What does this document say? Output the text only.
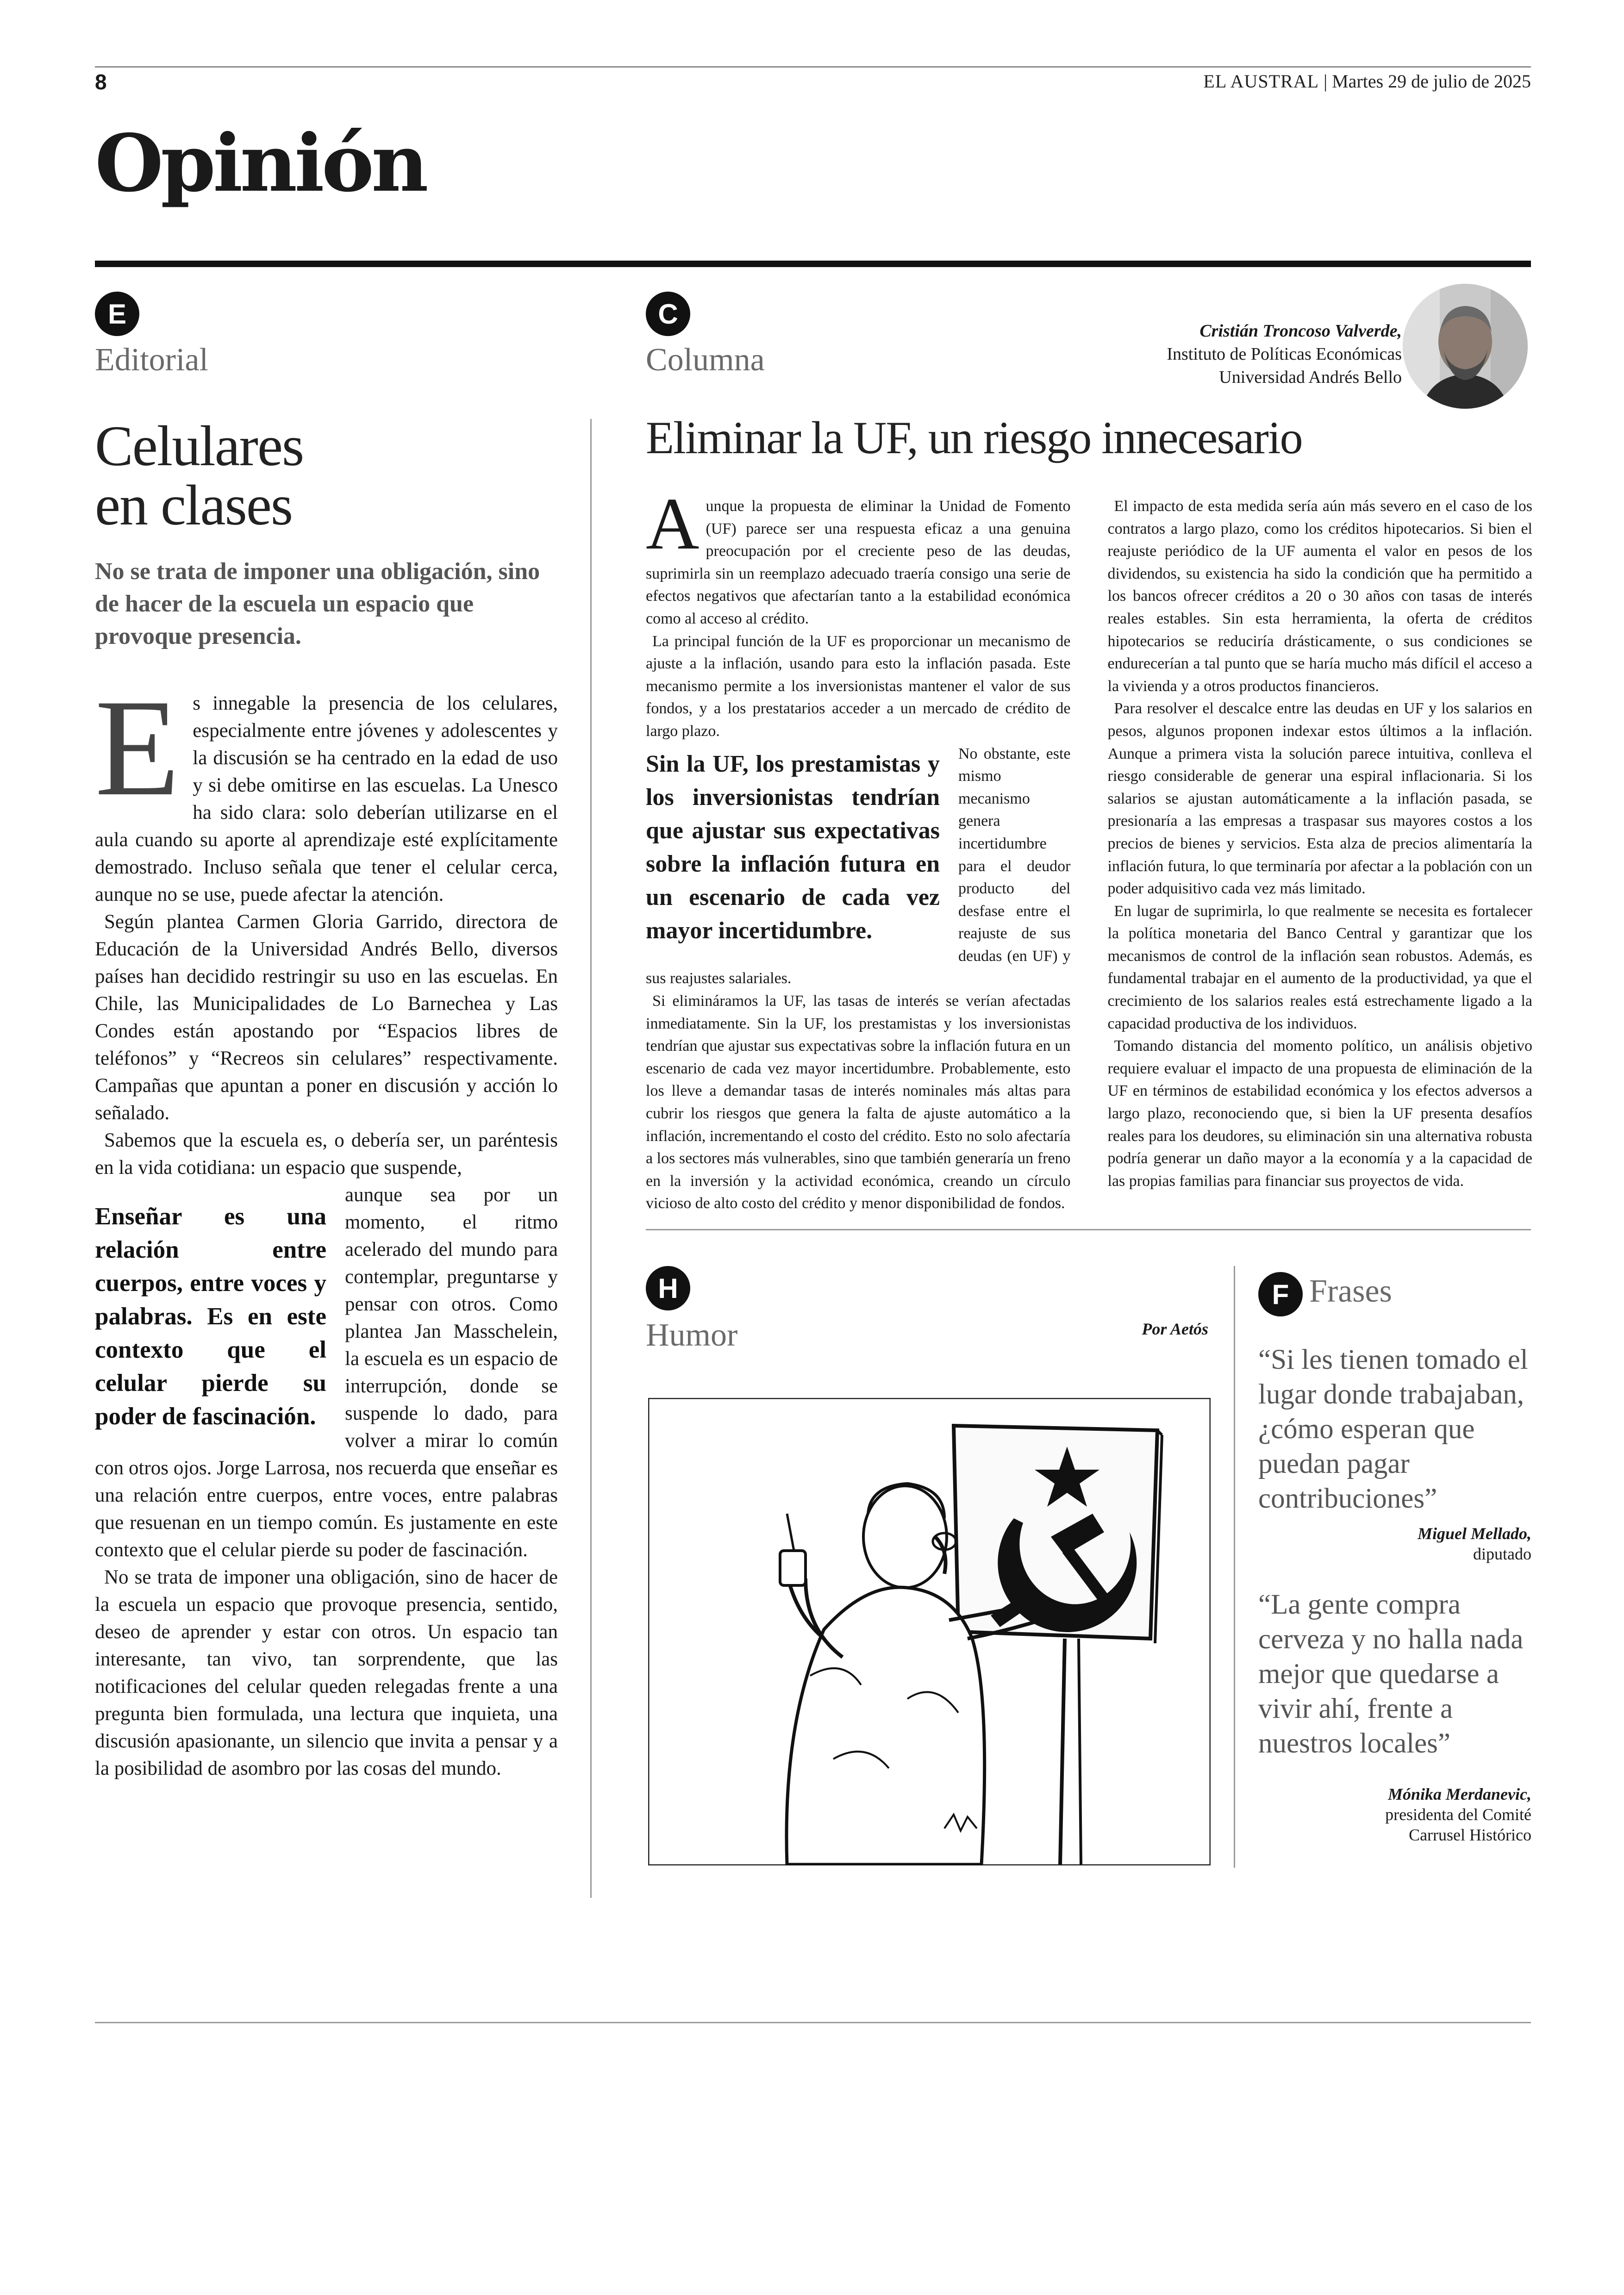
8	EL AUSTRAL | Martes 29 de julio de 2025
Opinión
E
Editorial
Celulares
en clases
No se trata de imponer una obligación, sino de hacer de la escuela un espacio que provoque presencia.

Es innegable la presencia de los celulares, especialmente entre jóvenes y adolescentes y la discusión se ha centrado en la edad de uso y si debe omitirse en las escuelas. La Unesco ha sido clara: solo deberían utilizarse en el aula cuando su aporte al aprendizaje esté explícitamente demostrado. Incluso señala que tener el celular cerca, aunque no se use, puede afectar la atención.

Según plantea Carmen Gloria Garrido, directora de Educación de la Universidad Andrés Bello, diversos países han decidido restringir su uso en las escuelas. En Chile, las Municipalidades de Lo Barnechea y Las Condes están apostando por “Espacios libres de teléfonos” y “Recreos sin celulares” respectivamente. Campañas que apuntan a poner en discusión y acción lo señalado.

Sabemos que la escuela es, o debería ser, un paréntesis en la vida cotidiana: un espacio que suspende,

Enseñar es una relación entre cuerpos, entre voces y palabras. Es en este contexto que el celular pierde su poder de fascinación.

aunque sea por un momento, el ritmo acelerado del mundo para contemplar, preguntarse y pensar con otros. Como plantea Jan Masschelein, la escuela es un espacio de interrupción, donde se suspende lo dado, para volver a mirar lo común con otros ojos. Jorge Larrosa, nos recuerda que enseñar es una relación entre cuerpos, entre voces, entre palabras que resuenan en un tiempo común. Es justamente en este contexto que el celular pierde su poder de fascinación.

No se trata de imponer una obligación, sino de hacer de la escuela un espacio que provoque presencia, sentido, deseo de aprender y estar con otros. Un espacio tan interesante, tan vivo, tan sorprendente, que las notificaciones del celular queden relegadas frente a una pregunta bien formulada, una lectura que inquieta, una discusión apasionante, un silencio que invita a pensar y a la posibilidad de asombro por las cosas del mundo.

C
Columna
Cristián Troncoso Valverde,
Instituto de Políticas Económicas
Universidad Andrés Bello
Eliminar la UF, un riesgo innecesario

Aunque la propuesta de eliminar la Unidad de Fomento (UF) parece ser una respuesta eficaz a una genuina preocupación por el creciente peso de las deudas, suprimirla sin un reemplazo adecuado traería consigo una serie de efectos negativos que afectarían tanto a la estabilidad económica como al acceso al crédito.

La principal función de la UF es proporcionar un mecanismo de ajuste a la inflación, usando para esto la inflación pasada. Este mecanismo permite a los inversionistas mantener el valor de sus fondos, y a los prestatarios acceder a un mercado de crédito de largo plazo.

Sin la UF, los prestamistas y los inversionistas tendrían que ajustar sus expectativas sobre la inflación futura en un escenario de cada vez mayor incertidumbre.

No obstante, este mismo mecanismo genera incertidumbre para el deudor producto del desfase entre el reajuste de sus deudas (en UF) y sus reajustes salariales.

Si elimináramos la UF, las tasas de interés se verían afectadas inmediatamente. Sin la UF, los prestamistas y los inversionistas tendrían que ajustar sus expectativas sobre la inflación futura en un escenario de cada vez mayor incertidumbre. Probablemente, esto los lleve a demandar tasas de interés nominales más altas para cubrir los riesgos que genera la falta de ajuste automático a la inflación, incrementando el costo del crédito. Esto no solo afectaría a los sectores más vulnerables, sino que también generaría un freno en la inversión y la actividad económica, creando un círculo vicioso de alto costo del crédito y menor disponibilidad de fondos.

El impacto de esta medida sería aún más severo en el caso de los contratos a largo plazo, como los créditos hipotecarios. Si bien el reajuste periódico de la UF aumenta el valor en pesos de los dividendos, su existencia ha sido la condición que ha permitido a los bancos ofrecer créditos a 20 o 30 años con tasas de interés reales estables. Sin esta herramienta, la oferta de créditos hipotecarios se reduciría drásticamente, o sus condiciones se endurecerían a tal punto que se haría mucho más difícil el acceso a la vivienda y a otros productos financieros.

Para resolver el descalce entre las deudas en UF y los salarios en pesos, algunos proponen indexar estos últimos a la inflación. Aunque a primera vista la solución parece intuitiva, conlleva el riesgo considerable de generar una espiral inflacionaria. Si los salarios se ajustan automáticamente a la inflación pasada, se presionaría a las empresas a traspasar sus mayores costos a los precios de bienes y servicios. Esta alza de precios alimentaría la inflación futura, lo que terminaría por afectar a la población con un poder adquisitivo cada vez más limitado.

En lugar de suprimirla, lo que realmente se necesita es fortalecer la política monetaria del Banco Central y garantizar que los mecanismos de control de la inflación sean robustos. Además, es fundamental trabajar en el aumento de la productividad, ya que el crecimiento de los salarios reales está estrechamente ligado a la capacidad productiva de los individuos.

Tomando distancia del momento político, un análisis objetivo requiere evaluar el impacto de una propuesta de eliminación de la UF en términos de estabilidad económica y los efectos adversos a largo plazo, reconociendo que, si bien la UF presenta desafíos reales para los deudores, su eliminación sin una alternativa robusta podría generar un daño mayor a la economía y a la capacidad de las propias familias para financiar sus proyectos de vida.

H
Humor	Por Aetós
F Frases
“Si les tienen tomado el lugar donde trabajaban, ¿cómo esperan que puedan pagar contribuciones”
Miguel Mellado,
diputado
“La gente compra cerveza y no halla nada mejor que quedarse a vivir ahí, frente a nuestros locales”
Mónika Merdanevic,
presidenta del Comité
Carrusel Histórico
